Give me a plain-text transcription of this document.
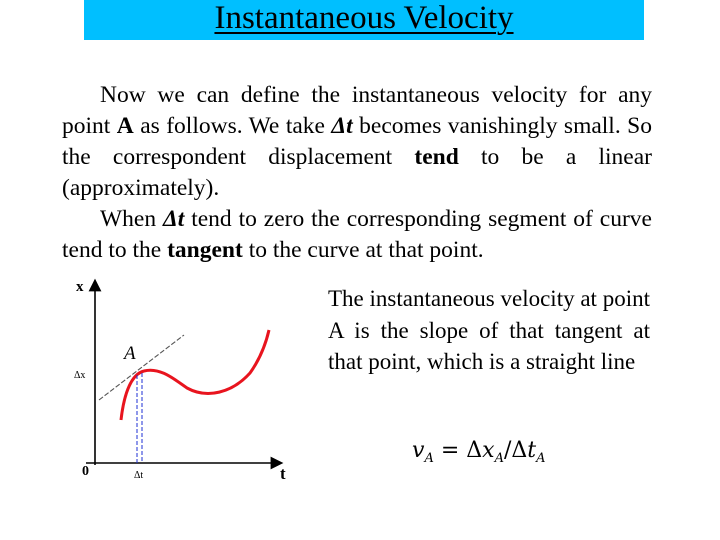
Instantaneous Velocity

Now we can define the instantaneous velocity for any point A as follows. We take Δt becomes vanishingly small. So the correspondent displacement tend to be a linear (approximately).

When Δt tend to zero the corresponding segment of curve tend to the tangent to the curve at that point.

x
t
0
A
Δx
Δt

The instantaneous velocity at point A is the slope of that tangent at that point, which is a straight line

$v_A = \Delta x_A/\Delta t_A$
